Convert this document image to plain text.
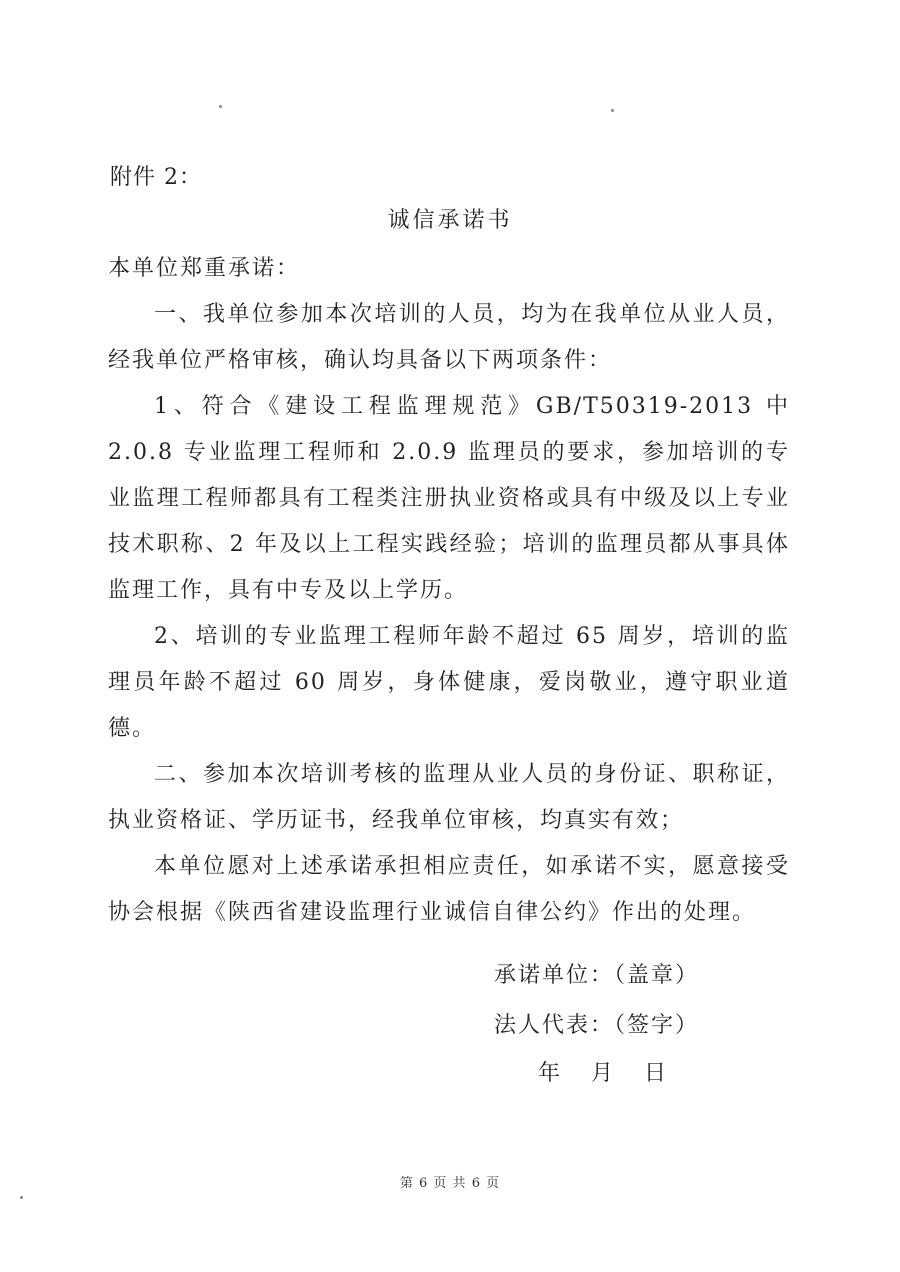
附件 2：
诚信承诺书

本单位郑重承诺：

一、我单位参加本次培训的人员，均为在我单位从业人员，经我单位严格审核，确认均具备以下两项条件：

1、符合《建设工程监理规范》GB/T50319-2013 中 2.0.8 专业监理工程师和 2.0.9 监理员的要求，参加培训的专业监理工程师都具有工程类注册执业资格或具有中级及以上专业技术职称、2 年及以上工程实践经验；培训的监理员都从事具体监理工作，具有中专及以上学历。

2、培训的专业监理工程师年龄不超过 65 周岁，培训的监理员年龄不超过 60 周岁，身体健康，爱岗敬业，遵守职业道德。

二、参加本次培训考核的监理从业人员的身份证、职称证，执业资格证、学历证书，经我单位审核，均真实有效；

本单位愿对上述承诺承担相应责任，如承诺不实，愿意接受协会根据《陕西省建设监理行业诚信自律公约》作出的处理。

承诺单位：（盖章）
法人代表：（签字）
年 月 日
第 6 页 共 6 页
